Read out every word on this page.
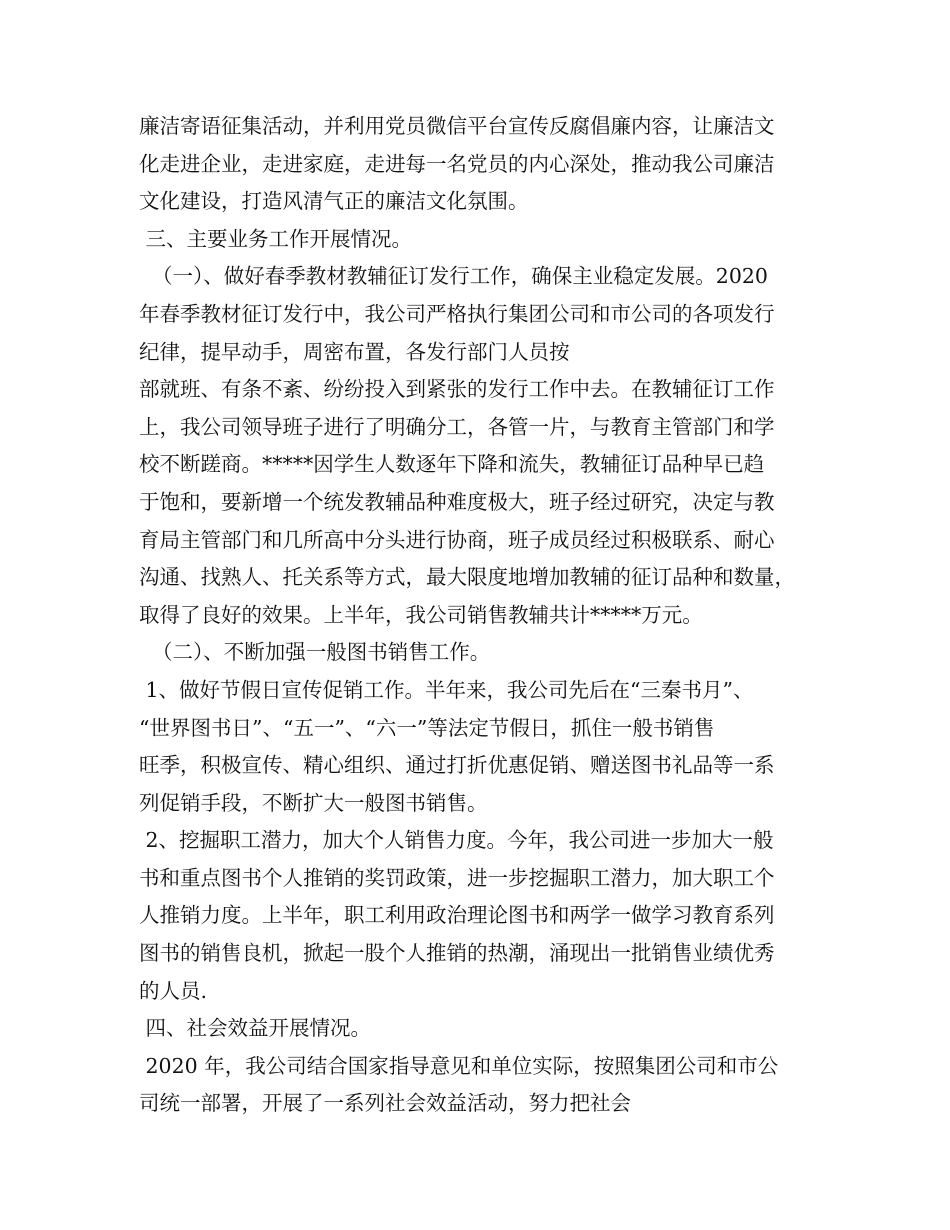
廉洁寄语征集活动，并利用党员微信平台宣传反腐倡廉内容，让廉洁文
化走进企业，走进家庭，走进每一名党员的内心深处，推动我公司廉洁
文化建设，打造风清气正的廉洁文化氛围。
三、主要业务工作开展情况。
（一）、做好春季教材教辅征订发行工作，确保主业稳定发展。2020
年春季教材征订发行中，我公司严格执行集团公司和市公司的各项发行
纪律，提早动手，周密布置，各发行部门人员按
部就班、有条不紊、纷纷投入到紧张的发行工作中去。在教辅征订工作
上，我公司领导班子进行了明确分工，各管一片，与教育主管部门和学
校不断蹉商。*****因学生人数逐年下降和流失，教辅征订品种早已趋
于饱和，要新增一个统发教辅品种难度极大，班子经过研究，决定与教
育局主管部门和几所高中分头进行协商，班子成员经过积极联系、耐心
沟通、找熟人、托关系等方式，最大限度地增加教辅的征订品种和数量，
取得了良好的效果。上半年，我公司销售教辅共计*****万元。
（二）、不断加强一般图书销售工作。
1、做好节假日宣传促销工作。半年来，我公司先后在“三秦书月”、
“世界图书日”、“五一”、“六一”等法定节假日，抓住一般书销售
旺季，积极宣传、精心组织、通过打折优惠促销、赠送图书礼品等一系
列促销手段，不断扩大一般图书销售。
2、挖掘职工潜力，加大个人销售力度。今年，我公司进一步加大一般
书和重点图书个人推销的奖罚政策，进一步挖掘职工潜力，加大职工个
人推销力度。上半年，职工利用政治理论图书和两学一做学习教育系列
图书的销售良机，掀起一股个人推销的热潮，涌现出一批销售业绩优秀
的人员.
四、社会效益开展情况。
2020 年，我公司结合国家指导意见和单位实际，按照集团公司和市公
司统一部署，开展了一系列社会效益活动，努力把社会
